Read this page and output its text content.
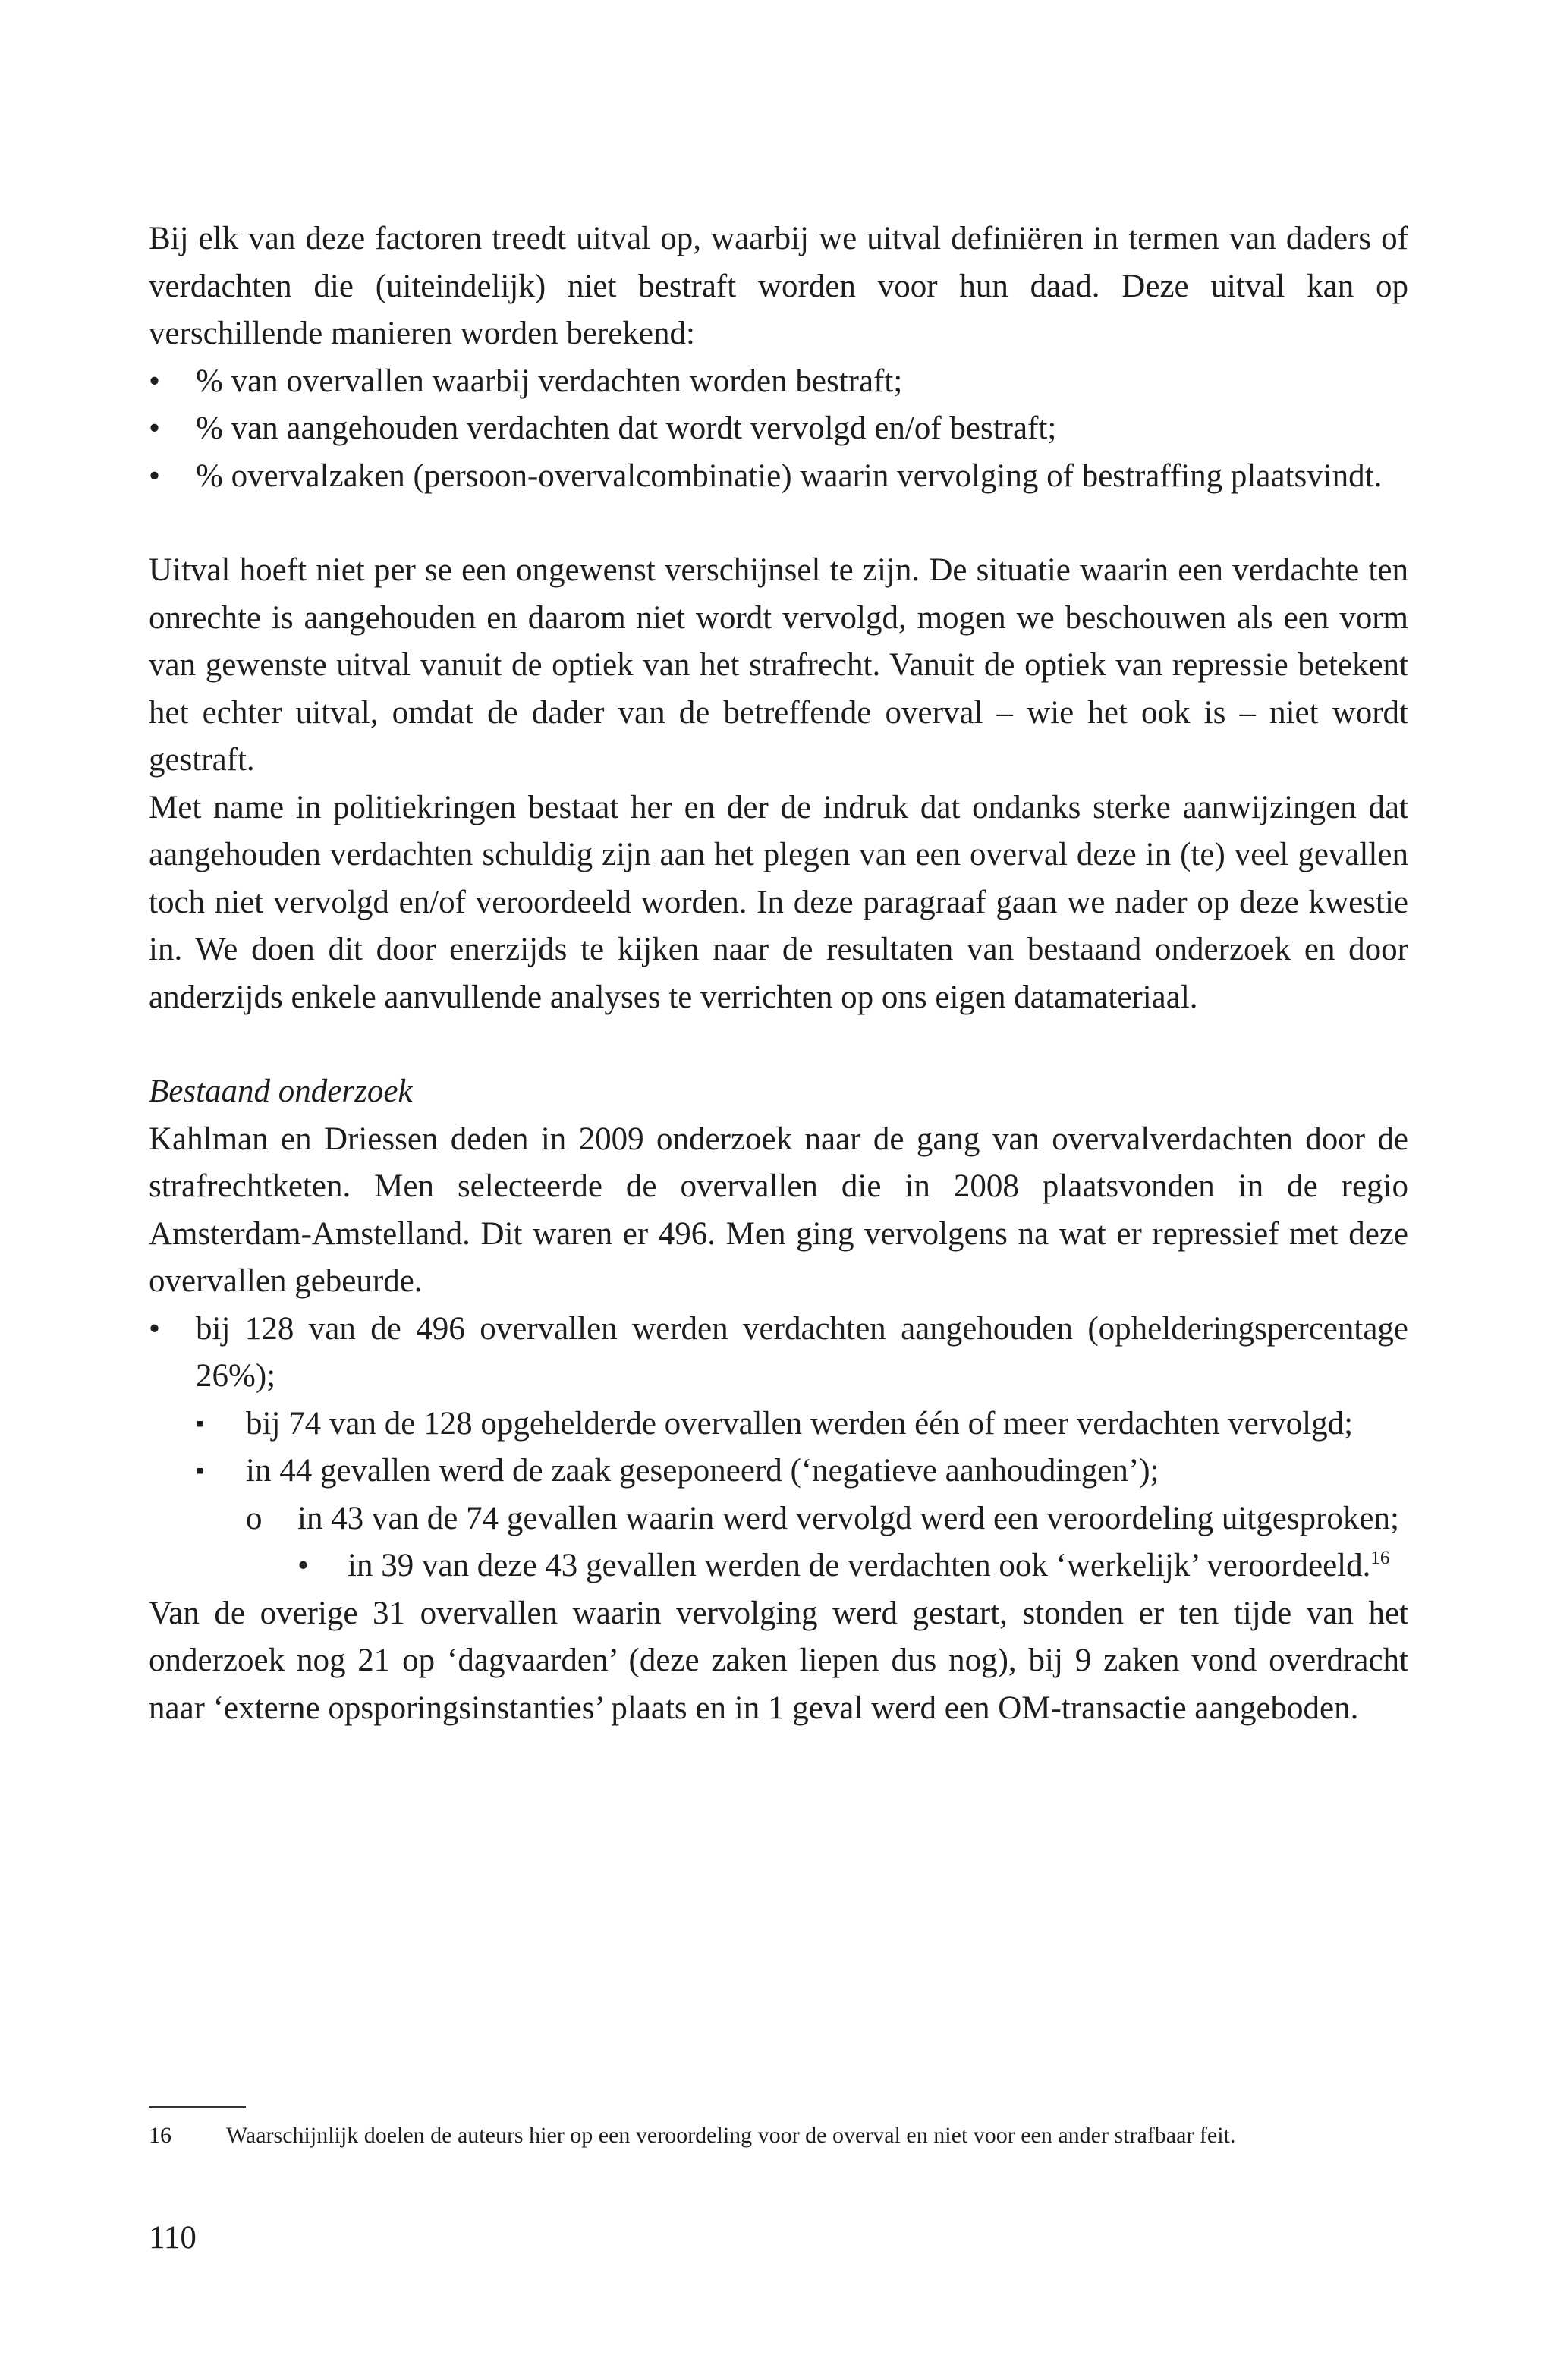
Bij elk van deze factoren treedt uitval op, waarbij we uitval definiëren in termen van daders of verdachten die (uiteindelijk) niet bestraft worden voor hun daad. Deze uitval kan op verschillende manieren worden berekend:

• % van overvallen waarbij verdachten worden bestraft;

• % van aangehouden verdachten dat wordt vervolgd en/of bestraft;

• % overvalzaken (persoon-overvalcombinatie) waarin vervolging of bestraffing plaatsvindt.

Uitval hoeft niet per se een ongewenst verschijnsel te zijn. De situatie waarin een verdachte ten onrechte is aangehouden en daarom niet wordt vervolgd, mogen we beschouwen als een vorm van gewenste uitval vanuit de optiek van het strafrecht. Vanuit de optiek van repressie betekent het echter uitval, omdat de dader van de betreffende overval – wie het ook is – niet wordt gestraft.

Met name in politiekringen bestaat her en der de indruk dat ondanks sterke aanwijzingen dat aangehouden verdachten schuldig zijn aan het plegen van een overval deze in (te) veel gevallen toch niet vervolgd en/of veroordeeld worden. In deze paragraaf gaan we nader op deze kwestie in. We doen dit door enerzijds te kijken naar de resultaten van bestaand onderzoek en door anderzijds enkele aanvullende analyses te verrichten op ons eigen datamateriaal.

Bestaand onderzoek

Kahlman en Driessen deden in 2009 onderzoek naar de gang van overvalverdachten door de strafrechtketen. Men selecteerde de overvallen die in 2008 plaatsvonden in de regio Amsterdam-Amstelland. Dit waren er 496. Men ging vervolgens na wat er repressief met deze overvallen gebeurde.

• bij 128 van de 496 overvallen werden verdachten aangehouden (ophelderingspercentage 26%);

▪ bij 74 van de 128 opgehelderde overvallen werden één of meer verdachten vervolgd;

▪ in 44 gevallen werd de zaak geseponeerd (‘negatieve aanhoudingen’);

o in 43 van de 74 gevallen waarin werd vervolgd werd een veroordeling uitgesproken;

• in 39 van deze 43 gevallen werden de verdachten ook ‘werkelijk’ veroordeeld.$^{16}$

Van de overige 31 overvallen waarin vervolging werd gestart, stonden er ten tijde van het onderzoek nog 21 op ‘dagvaarden’ (deze zaken liepen dus nog), bij 9 zaken vond overdracht naar ‘externe opsporingsinstanties’ plaats en in 1 geval werd een OM-transactie aangeboden.

16 Waarschijnlijk doelen de auteurs hier op een veroordeling voor de overval en niet voor een ander strafbaar feit.

110
